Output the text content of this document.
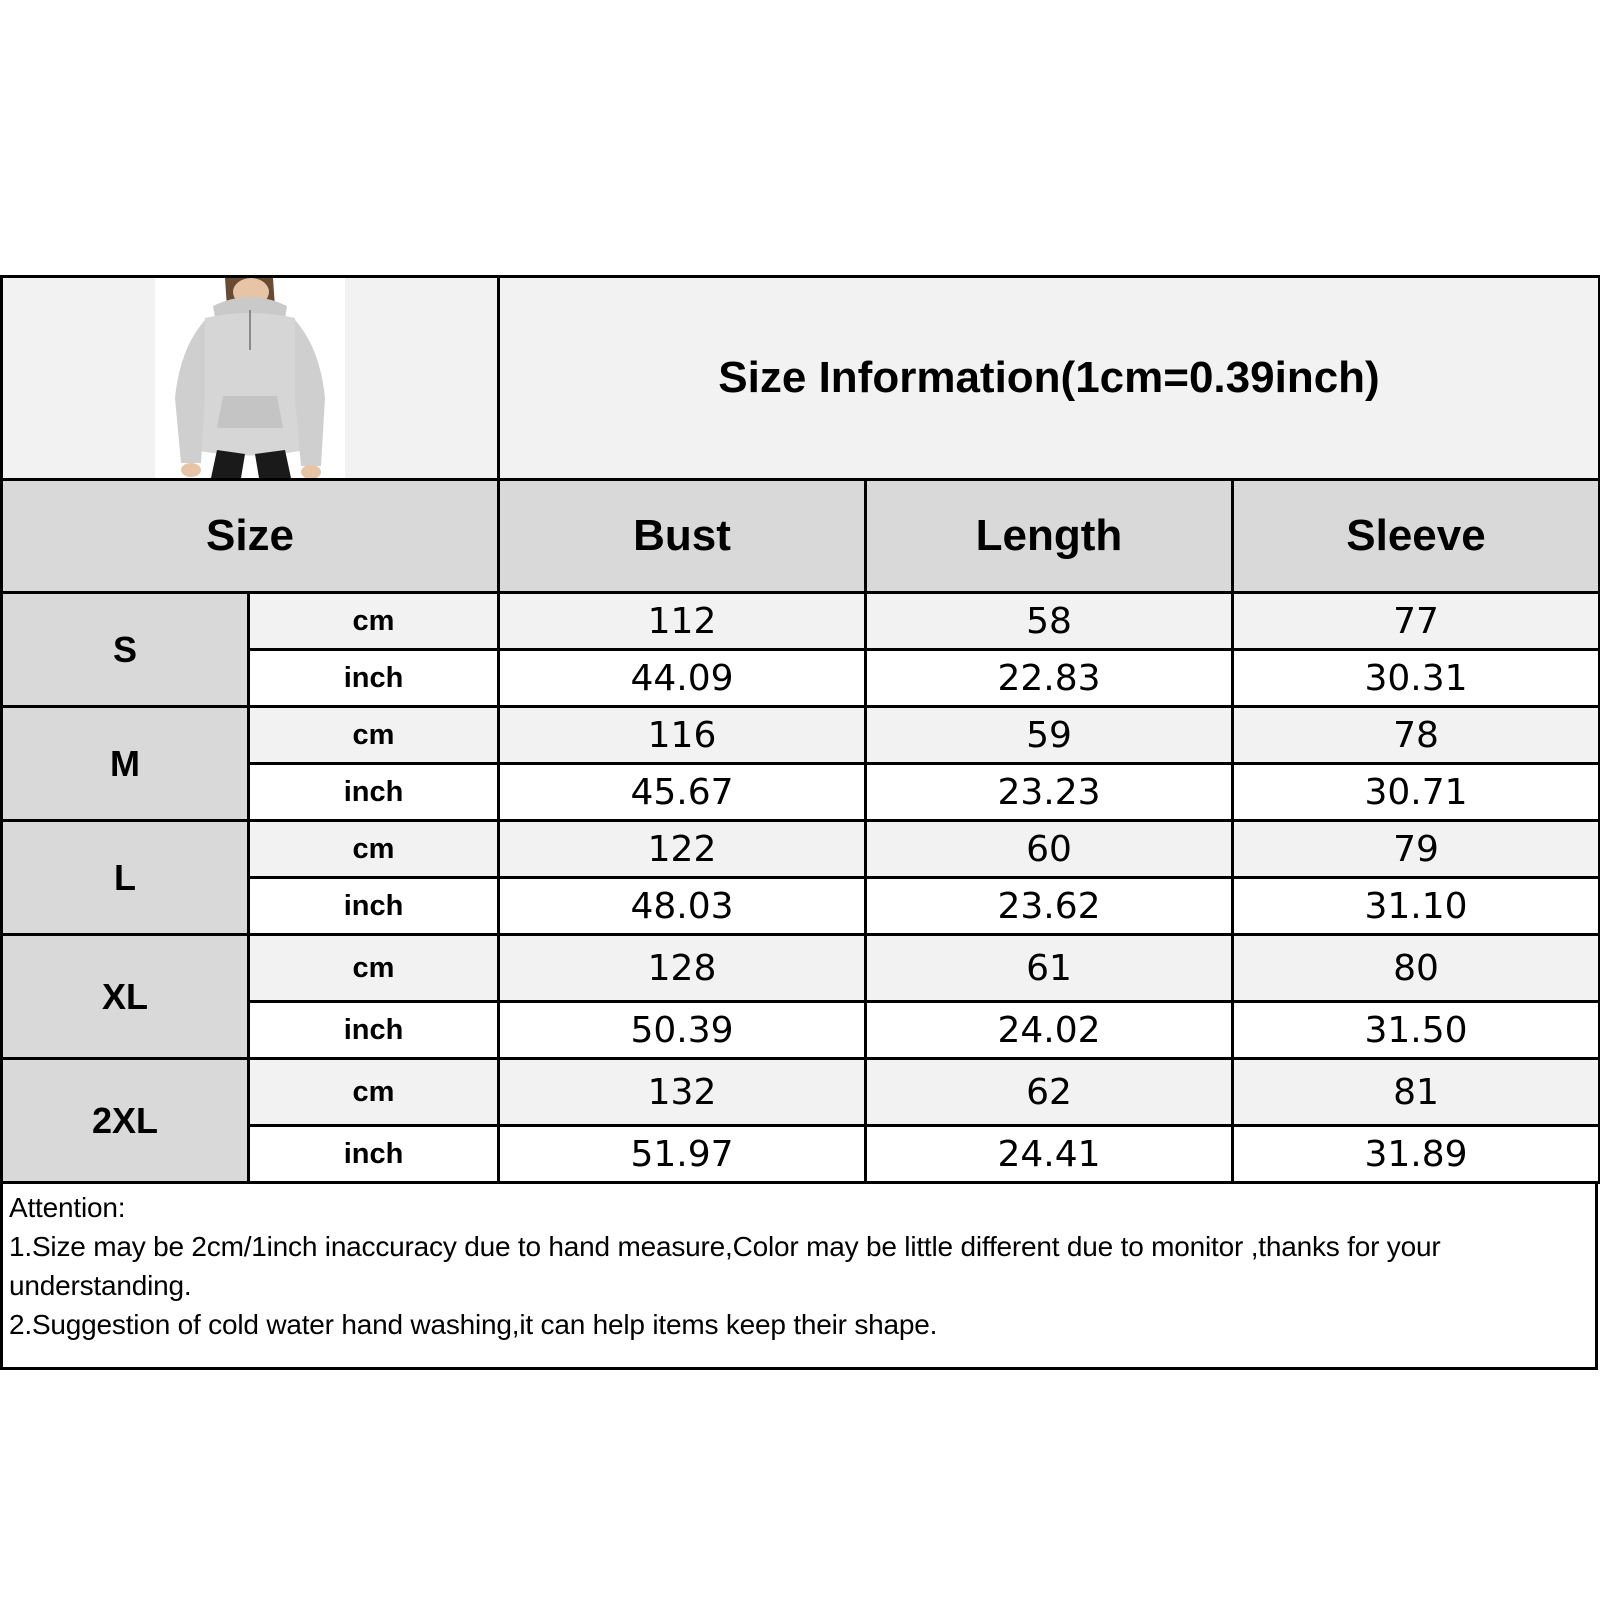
	Size Information(1cm=0.39inch)		
Size		Bust	Length	Sleeve
S	cm	112	58	77
	inch	44.09	22.83	30.31
M	cm	116	59	78
	inch	45.67	23.23	30.71
L	cm	122	60	79
	inch	48.03	23.62	31.10
XL	cm	128	61	80
	inch	50.39	24.02	31.50
2XL	cm	132	62	81
	inch	51.97	24.41	31.89
Attention:
1.Size may be 2cm/1inch inaccuracy due to hand measure,Color may be little different due to monitor ,thanks for your understanding.
2.Suggestion of cold water hand washing,it can help items keep their shape.
